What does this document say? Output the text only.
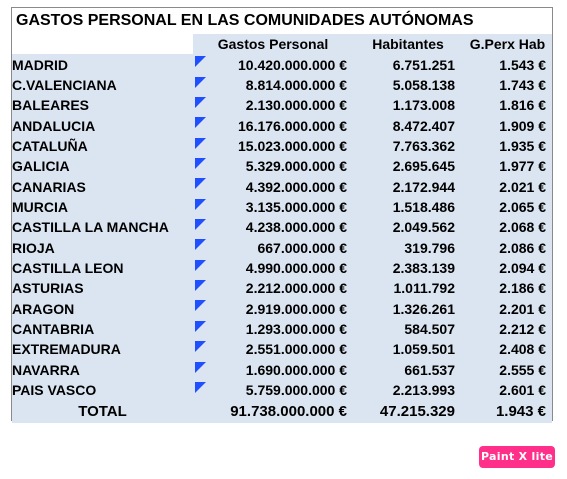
GASTOS PERSONAL EN LAS COMUNIDADES AUTÓNOMAS
	Gastos Personal	Habitantes	G.Perx Hab
MADRID	10.420.000.000 €	6.751.251	1.543 €
C.VALENCIANA	8.814.000.000 €	5.058.138	1.743 €
BALEARES	2.130.000.000 €	1.173.008	1.816 €
ANDALUCIA	16.176.000.000 €	8.472.407	1.909 €
CATALUÑA	15.023.000.000 €	7.763.362	1.935 €
GALICIA	5.329.000.000 €	2.695.645	1.977 €
CANARIAS	4.392.000.000 €	2.172.944	2.021 €
MURCIA	3.135.000.000 €	1.518.486	2.065 €
CASTILLA LA MANCHA	4.238.000.000 €	2.049.562	2.068 €
RIOJA	667.000.000 €	319.796	2.086 €
CASTILLA LEON	4.990.000.000 €	2.383.139	2.094 €
ASTURIAS	2.212.000.000 €	1.011.792	2.186 €
ARAGON	2.919.000.000 €	1.326.261	2.201 €
CANTABRIA	1.293.000.000 €	584.507	2.212 €
EXTREMADURA	2.551.000.000 €	1.059.501	2.408 €
NAVARRA	1.690.000.000 €	661.537	2.555 €
PAIS VASCO	5.759.000.000 €	2.213.993	2.601 €
TOTAL	91.738.000.000 €	47.215.329	1.943 €
Paint X lite
